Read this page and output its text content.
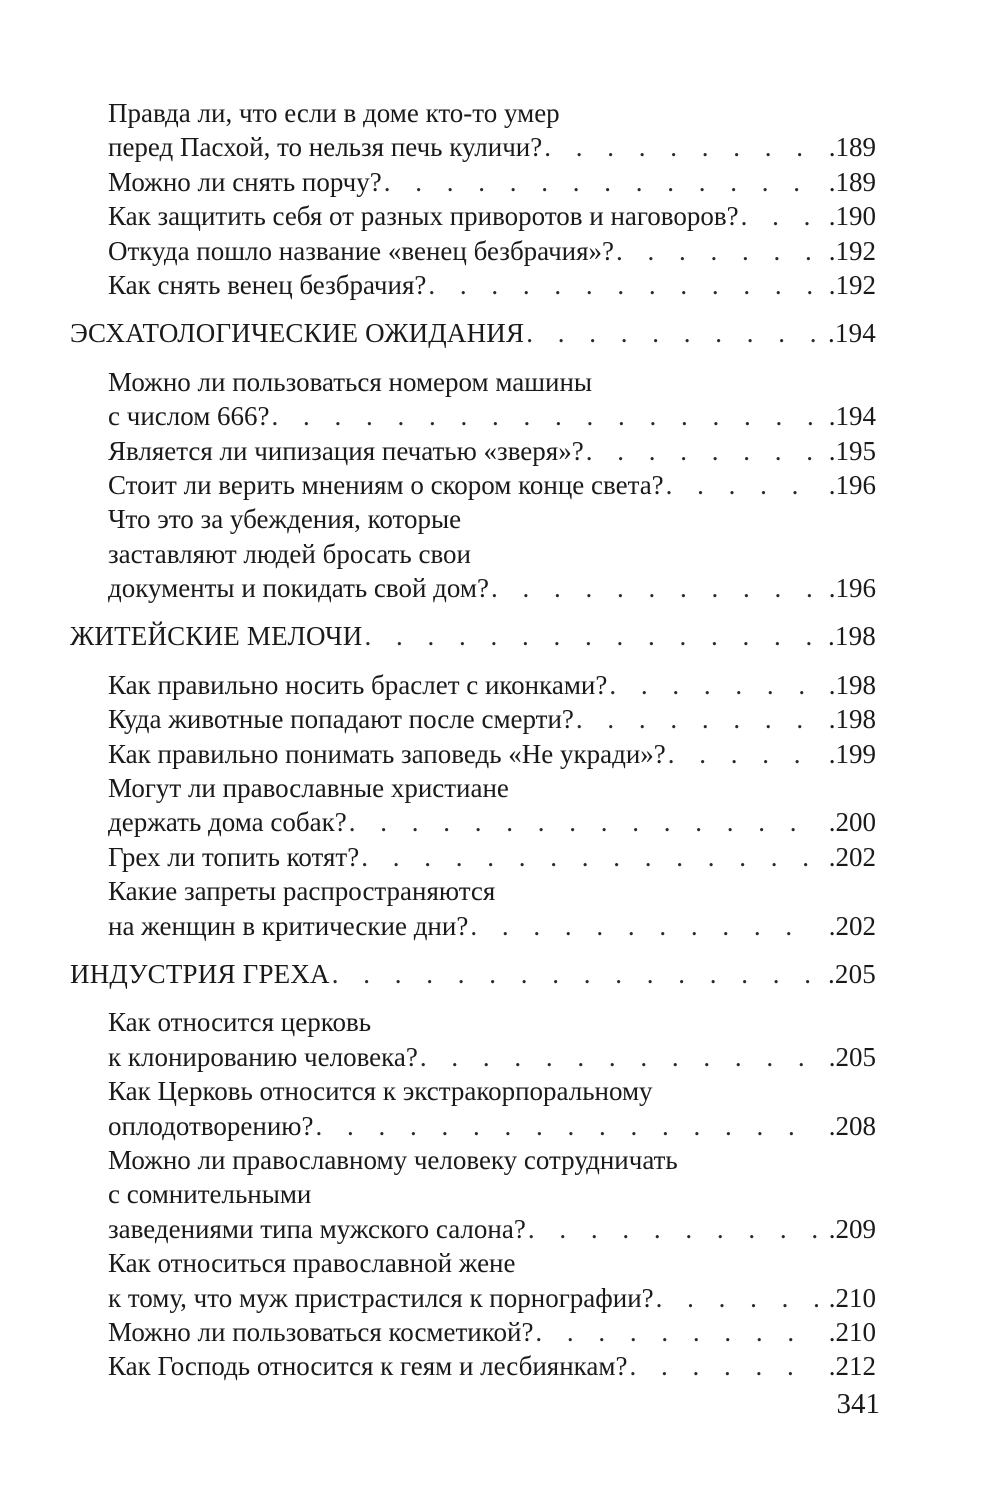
Правда ли, что если в доме кто-то умер
перед Пасхой, то нельзя печь куличи? . . .	.189
Можно ли снять порчу? . . .	.189
Как защитить себя от разных приворотов и наговоров? . . .	.190
Откуда пошло название «венец безбрачия»? . . .	.192
Как снять венец безбрачия? . . .	.192
ЭСХАТОЛОГИЧЕСКИЕ ОЖИДАНИЯ . . .	.194
Можно ли пользоваться номером машины
с числом 666? . . .	.194
Является ли чипизация печатью «зверя»? . . .	.195
Стоит ли верить мнениям о скором конце света? . . .	.196
Что это за убеждения, которые
заставляют людей бросать свои
документы и покидать свой дом? . . .	.196
ЖИТЕЙСКИЕ МЕЛОЧИ . . .	.198
Как правильно носить браслет с иконками? . . .	.198
Куда животные попадают после смерти? . . .	.198
Как правильно понимать заповедь «Не укради»? . . .	.199
Могут ли православные христиане
держать дома собак? . . .	.200
Грех ли топить котят? . . .	.202
Какие запреты распространяются
на женщин в критические дни? . . .	.202
ИНДУСТРИЯ ГРЕХА . . .	.205
Как относится церковь
к клонированию человека? . . .	.205
Как Церковь относится к экстракорпоральному
оплодотворению? . . .	.208
Можно ли православному человеку сотрудничать
с сомнительными
заведениями типа мужского салона? . . .	.209
Как относиться православной жене
к тому, что муж пристрастился к порнографии? . . .	.210
Можно ли пользоваться косметикой? . . .	.210
Как Господь относится к геям и лесбиянкам? . . .	.212
341
